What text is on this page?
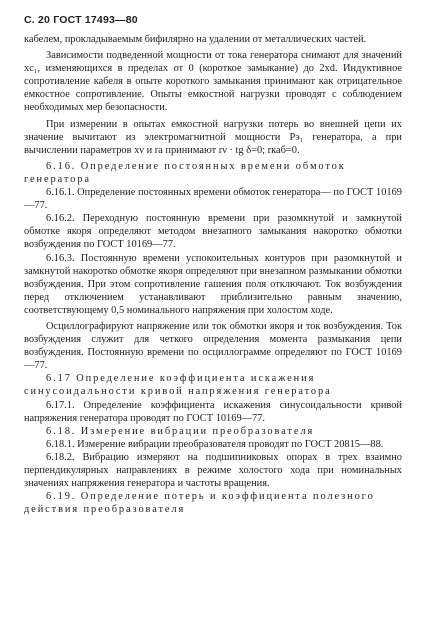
С. 20 ГОСТ 17493—80

кабелем, прокладываемым бифилярно на удалении от металлических частей.

Зависимости подведенной мощности от тока генератора снимают для значений xс₁, изменяющихся в пределах от 0 (короткое замыкание) до 2xd. Индуктивное сопротивление кабеля в опыте короткого замыкания принимают как отрицательное емкостное сопротивление. Опыты емкостной нагрузки проводят с соблюдением необходимых мер безопасности.

При измерении в опытах емкостной нагрузки потерь во внешней цепи их значение вычитают из электромагнитной мощности Pэ₁ генератора, а при вычислении параметров xν и rа принимают rν · tg δ=0; rкаб=0.

6.16. Определение постоянных времени обмоток генератора

6.16.1. Определение постоянных времени обмоток генератора— по ГОСТ 10169—77.

6.16.2. Переходную постоянную времени при разомкнутой и замкнутой обмотке якоря определяют методом внезапного замыкания накоротко обмотки возбуждения по ГОСТ 10169—77.

6.16.3. Постоянную времени успокоительных контуров при разомкнутой и замкнутой накоротко обмотке якоря определяют при внезапном размыкании обмотки возбуждения. При этом сопротивление гашения поля отключают. Ток возбуждения перед отключением устанавливают приблизительно равным значению, соответствующему 0,5 номинального напряжения при холостом ходе.

Осциллографируют напряжение или ток обмотки якоря и ток возбуждения. Ток возбуждения служит для четкого определения момента размыкания цепи возбуждения. Постоянную времени по осциллограмме определяют по ГОСТ 10169—77.

6.17 Определение коэффициента искажения синусоидальности кривой напряжения генератора

6.17.1. Определение коэффициента искажения синусоидальности кривой напряжения генератора проводят по ГОСТ 10169—77.

6.18. Измерение вибрации преобразователя

6.18.1. Измерение вибрации преобразователя проводят по ГОСТ 20815—88.

6.18.2. Вибрацию измеряют на подшипниковых опорах в трех взаимно перпендикулярных направлениях в режиме холостого хода при номинальных значениях напряжения генератора и частоты вращения.

6.19. Определение потерь и коэффициента полезного действия преобразователя
